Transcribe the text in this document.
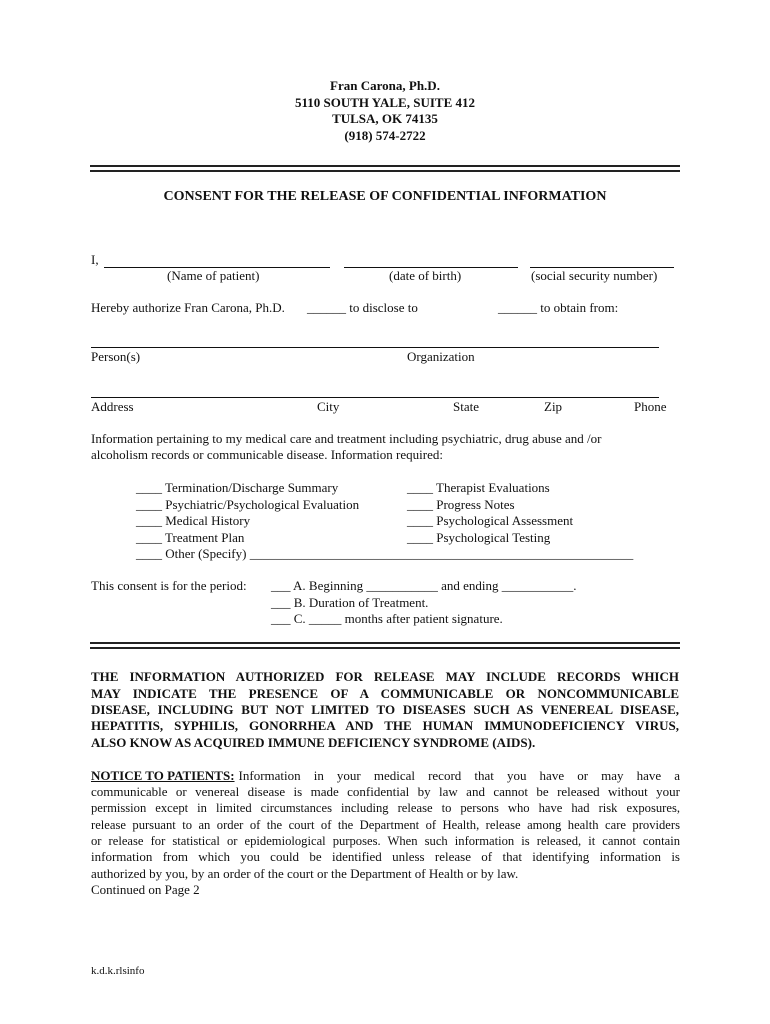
Fran Carona, Ph.D.
5110 SOUTH YALE, SUITE 412
TULSA, OK 74135
(918) 574-2722
CONSENT FOR THE RELEASE OF CONFIDENTIAL INFORMATION
I,
(Name of patient)	(date of birth)	(social security number)
Hereby authorize Fran Carona, Ph.D. ______ to disclose to	______ to obtain from:
Person(s)	Organization
Address	City	State	Zip	Phone
Information pertaining to my medical care and treatment including psychiatric, drug abuse and /or
alcoholism records or communicable disease. Information required:
____ Termination/Discharge Summary
____ Psychiatric/Psychological Evaluation
____ Medical History
____ Treatment Plan
____ Other (Specify) ___________________________________________________________
____ Therapist Evaluations
____ Progress Notes
____ Psychological Assessment
____ Psychological Testing
This consent is for the period: ___ A. Beginning ___________ and ending ___________.
___ B. Duration of Treatment.
___ C. _____ months after patient signature.
THE INFORMATION AUTHORIZED FOR RELEASE MAY INCLUDE RECORDS WHICH
MAY INDICATE THE PRESENCE OF A COMMUNICABLE OR NONCOMMUNICABLE
DISEASE, INCLUDING BUT NOT LIMITED TO DISEASES SUCH AS VENEREAL DISEASE,
HEPATITIS, SYPHILIS, GONORRHEA AND THE HUMAN IMMUNODEFICIENCY VIRUS,
ALSO KNOW AS ACQUIRED IMMUNE DEFICIENCY SYNDROME (AIDS).
NOTICE TO PATIENTS: Information in your medical record that you have or may have a
communicable or venereal disease is made confidential by law and cannot be released without your
permission except in limited circumstances including release to persons who have had risk exposures,
release pursuant to an order of the court of the Department of Health, release among health care providers
or release for statistical or epidemiological purposes. When such information is released, it cannot contain
information from which you could be identified unless release of that identifying information is
authorized by you, by an order of the court or the Department of Health or by law.
Continued on Page 2
k.d.k.rlsinfo
